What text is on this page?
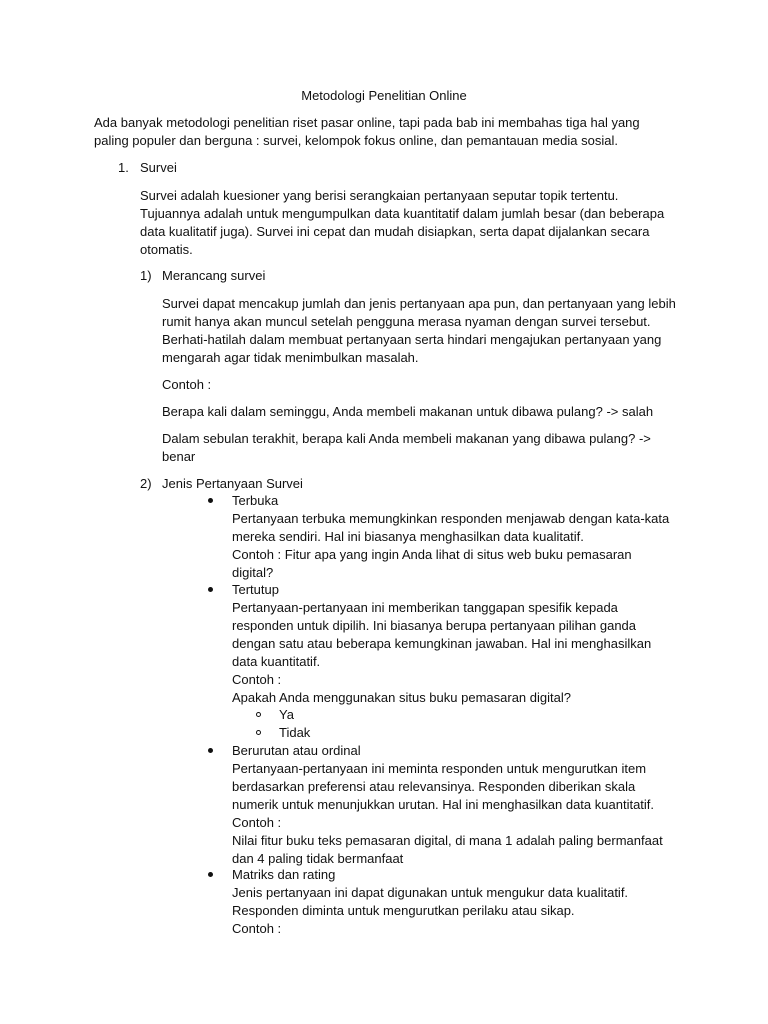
Metodologi Penelitian Online
Ada banyak metodologi penelitian riset pasar online, tapi pada bab ini membahas tiga hal yang
paling populer dan berguna : survei, kelompok fokus online, dan pemantauan media sosial.
1. Survei
Survei adalah kuesioner yang berisi serangkaian pertanyaan seputar topik tertentu.
Tujuannya adalah untuk mengumpulkan data kuantitatif dalam jumlah besar (dan beberapa
data kualitatif juga). Survei ini cepat dan mudah disiapkan, serta dapat dijalankan secara
otomatis.
1) Merancang survei
Survei dapat mencakup jumlah dan jenis pertanyaan apa pun, dan pertanyaan yang lebih
rumit hanya akan muncul setelah pengguna merasa nyaman dengan survei tersebut.
Berhati-hatilah dalam membuat pertanyaan serta hindari mengajukan pertanyaan yang
mengarah agar tidak menimbulkan masalah.
Contoh :
Berapa kali dalam seminggu, Anda membeli makanan untuk dibawa pulang? -> salah
Dalam sebulan terakhit, berapa kali Anda membeli makanan yang dibawa pulang? ->
benar
2) Jenis Pertanyaan Survei
Terbuka
Pertanyaan terbuka memungkinkan responden menjawab dengan kata-kata
mereka sendiri. Hal ini biasanya menghasilkan data kualitatif.
Contoh : Fitur apa yang ingin Anda lihat di situs web buku pemasaran
digital?
Tertutup
Pertanyaan-pertanyaan ini memberikan tanggapan spesifik kepada
responden untuk dipilih. Ini biasanya berupa pertanyaan pilihan ganda
dengan satu atau beberapa kemungkinan jawaban. Hal ini menghasilkan
data kuantitatif.
Contoh :
Apakah Anda menggunakan situs buku pemasaran digital?
Ya
Tidak
Berurutan atau ordinal
Pertanyaan-pertanyaan ini meminta responden untuk mengurutkan item
berdasarkan preferensi atau relevansinya. Responden diberikan skala
numerik untuk menunjukkan urutan. Hal ini menghasilkan data kuantitatif.
Contoh :
Nilai fitur buku teks pemasaran digital, di mana 1 adalah paling bermanfaat
dan 4 paling tidak bermanfaat
Matriks dan rating
Jenis pertanyaan ini dapat digunakan untuk mengukur data kualitatif.
Responden diminta untuk mengurutkan perilaku atau sikap.
Contoh :
